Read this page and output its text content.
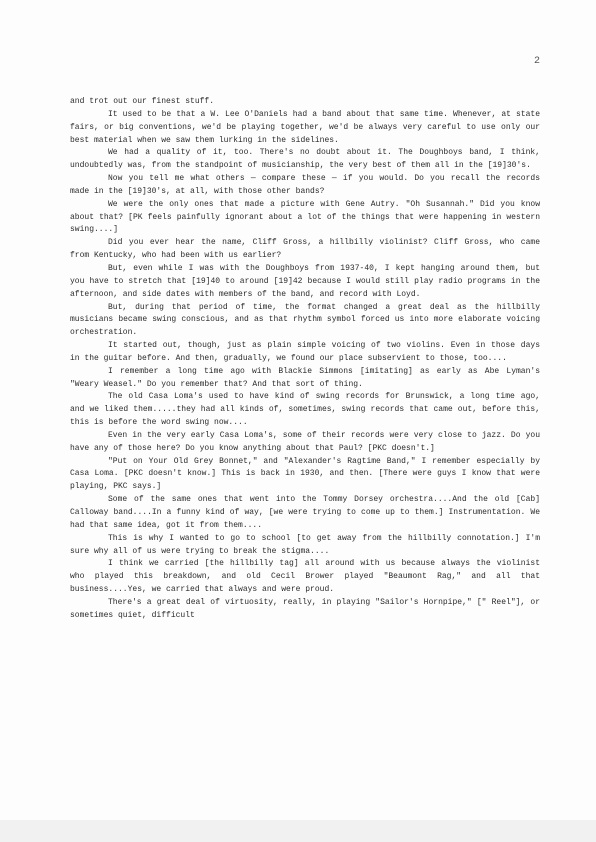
2

and trot out our finest stuff.

It used to be that a W. Lee O'Daniels had a band about that same time. Whenever, at state fairs, or big conventions, we'd be playing together, we'd be always very careful to use only our best material when we saw them lurking in the sidelines.

We had a quality of it, too. There's no doubt about it. The Doughboys band, I think, undoubtedly was, from the standpoint of musicianship, the very best of them all in the [19]30's.

Now you tell me what others — compare these — if you would. Do you recall the records made in the [19]30's, at all, with those other bands?

We were the only ones that made a picture with Gene Autry. "Oh Susannah." Did you know about that? [PK feels painfully ignorant about a lot of the things that were happening in western swing....]

Did you ever hear the name, Cliff Gross, a hillbilly violinist? Cliff Gross, who came from Kentucky, who had been with us earlier?

But, even while I was with the Doughboys from 1937-40, I kept hanging around them, but you have to stretch that [19]40 to around [19]42 because I would still play radio programs in the afternoon, and side dates with members of the band, and record with Loyd.

But, during that period of time, the format changed a great deal as the hillbilly musicians became swing conscious, and as that rhythm symbol forced us into more elaborate voicing orchestration.

It started out, though, just as plain simple voicing of two violins. Even in those days in the guitar before. And then, gradually, we found our place subservient to those, too....

I remember a long time ago with Blackie Simmons [imitating] as early as Abe Lyman's "Weary Weasel." Do you remember that? And that sort of thing.

The old Casa Loma's used to have kind of swing records for Brunswick, a long time ago, and we liked them.....they had all kinds of, sometimes, swing records that came out, before this, this is before the word swing now....

Even in the very early Casa Loma's, some of their records were very close to jazz. Do you have any of those here? Do you know anything about that Paul? [PKC doesn't.]

"Put on Your Old Grey Bonnet," and "Alexander's Ragtime Band," I remember especially by Casa Loma. [PKC doesn't know.] This is back in 1930, and then. [There were guys I know that were playing, PKC says.]

Some of the same ones that went into the Tommy Dorsey orchestra....And the old [Cab] Calloway band....In a funny kind of way, [we were trying to come up to them.] Instrumentation. We had that same idea, got it from them....

This is why I wanted to go to school [to get away from the hillbilly connotation.] I'm sure why all of us were trying to break the stigma....

I think we carried [the hillbilly tag] all around with us because always the violinist who played this breakdown, and old Cecil Brower played "Beaumont Rag," and all that business....Yes, we carried that always and were proud.

There's a great deal of virtuosity, really, in playing "Sailor's Hornpipe," [" Reel"], or sometimes quiet, difficult
